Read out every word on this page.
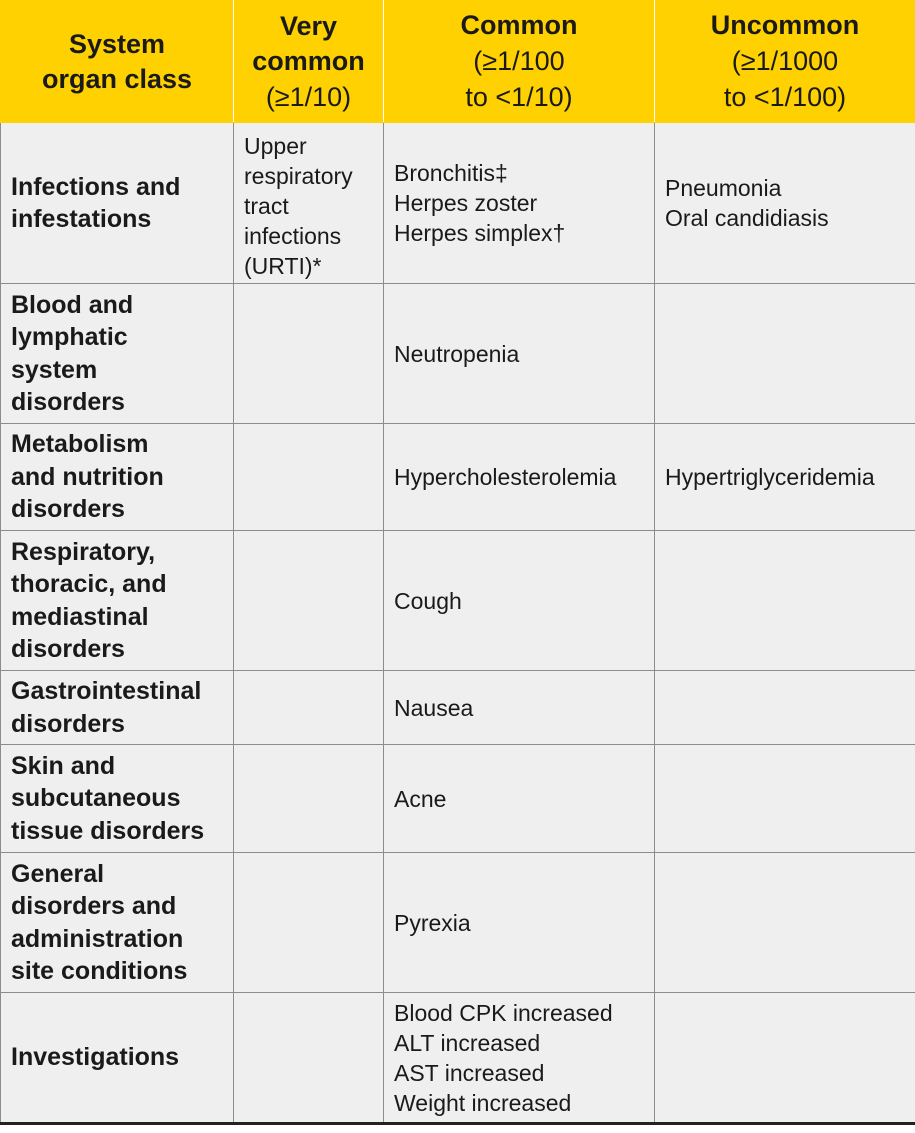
System
organ class	Very
common
(≥1/10)	Common
(≥1/100
to <1/10)	Uncommon
(≥1/1000
to <1/100)

Infections and
infestations	Upper
respiratory
tract
infections
(URTI)*	Bronchitis‡
Herpes zoster
Herpes simplex†	Pneumonia
Oral candidiasis

Blood and
lymphatic
system
disorders		Neutropenia	

Metabolism
and nutrition
disorders		Hypercholesterolemia	Hypertriglyceridemia

Respiratory,
thoracic, and
mediastinal
disorders		Cough	

Gastrointestinal
disorders		Nausea	

Skin and
subcutaneous
tissue disorders		Acne	

General
disorders and
administration
site conditions		Pyrexia	

Investigations		Blood CPK increased
ALT increased
AST increased
Weight increased	
